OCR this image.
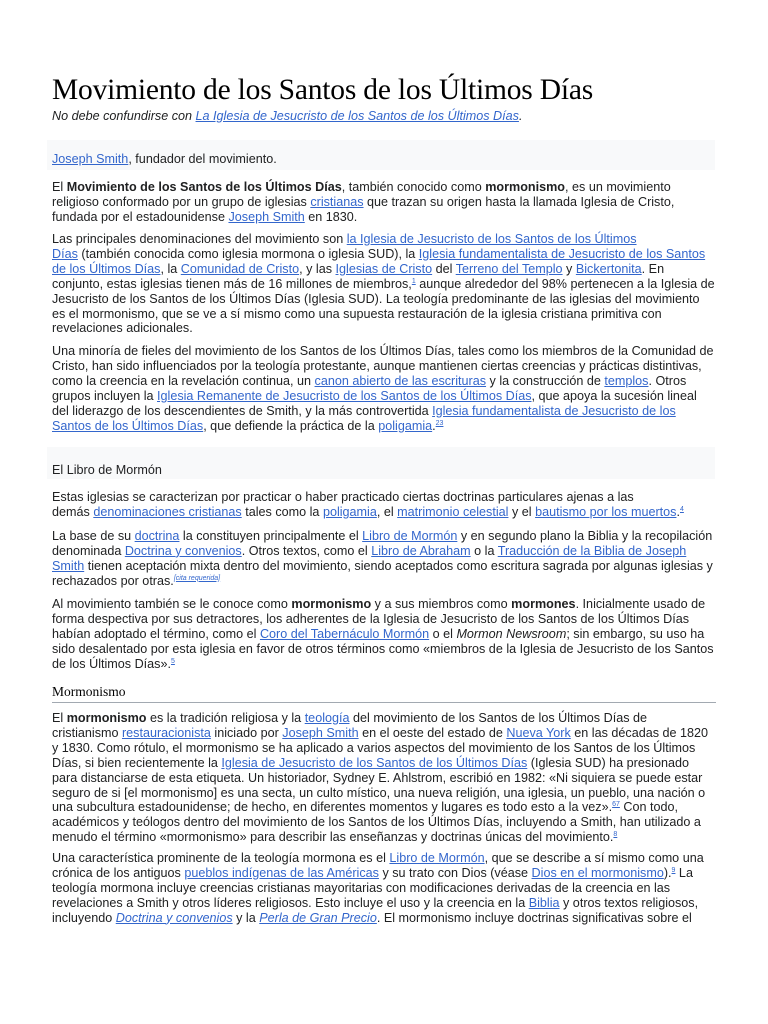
Movimiento de los Santos de los Últimos Días
No debe confundirse con La Iglesia de Jesucristo de los Santos de los Últimos Días.
Joseph Smith, fundador del movimiento.
El Movimiento de los Santos de los Últimos Días, también conocido como mormonismo, es un movimiento
religioso conformado por un grupo de iglesias cristianas que trazan su origen hasta la llamada Iglesia de Cristo,
fundada por el estadounidense Joseph Smith en 1830.
Las principales denominaciones del movimiento son la Iglesia de Jesucristo de los Santos de los Últimos
Días (también conocida como iglesia mormona o iglesia SUD), la Iglesia fundamentalista de Jesucristo de los Santos
de los Últimos Días, la Comunidad de Cristo, y las Iglesias de Cristo del Terreno del Templo y Bickertonita. En
conjunto, estas iglesias tienen más de 16 millones de miembros,$^1$ aunque alrededor del 98% pertenecen a la Iglesia de
Jesucristo de los Santos de los Últimos Días (Iglesia SUD). La teología predominante de las iglesias del movimiento
es el mormonismo, que se ve a sí mismo como una supuesta restauración de la iglesia cristiana primitiva con
revelaciones adicionales.
Una minoría de fieles del movimiento de los Santos de los Últimos Días, tales como los miembros de la Comunidad de
Cristo, han sido influenciados por la teología protestante, aunque mantienen ciertas creencias y prácticas distintivas,
como la creencia en la revelación continua, un canon abierto de las escrituras y la construcción de templos. Otros
grupos incluyen la Iglesia Remanente de Jesucristo de los Santos de los Últimos Días, que apoya la sucesión lineal
del liderazgo de los descendientes de Smith, y la más controvertida Iglesia fundamentalista de Jesucristo de los
Santos de los Últimos Días, que defiende la práctica de la poligamia.$^{23}$
El Libro de Mormón
Estas iglesias se caracterizan por practicar o haber practicado ciertas doctrinas particulares ajenas a las
demás denominaciones cristianas tales como la poligamia, el matrimonio celestial y el bautismo por los muertos.$^4$
La base de su doctrina la constituyen principalmente el Libro de Mormón y en segundo plano la Biblia y la recopilación
denominada Doctrina y convenios. Otros textos, como el Libro de Abraham o la Traducción de la Biblia de Joseph
Smith tienen aceptación mixta dentro del movimiento, siendo aceptados como escritura sagrada por algunas iglesias y
rechazados por otras.[cita requerida]
Al movimiento también se le conoce como mormonismo y a sus miembros como mormones. Inicialmente usado de
forma despectiva por sus detractores, los adherentes de la Iglesia de Jesucristo de los Santos de los Últimos Días
habían adoptado el término, como el Coro del Tabernáculo Mormón o el Mormon Newsroom; sin embargo, su uso ha
sido desalentado por esta iglesia en favor de otros términos como «miembros de la Iglesia de Jesucristo de los Santos
de los Últimos Días».$^5$
Mormonismo
El mormonismo es la tradición religiosa y la teología del movimiento de los Santos de los Últimos Días de
cristianismo restauracionista iniciado por Joseph Smith en el oeste del estado de Nueva York en las décadas de 1820
y 1830. Como rótulo, el mormonismo se ha aplicado a varios aspectos del movimiento de los Santos de los Últimos
Días, si bien recientemente la Iglesia de Jesucristo de los Santos de los Últimos Días (Iglesia SUD) ha presionado
para distanciarse de esta etiqueta. Un historiador, Sydney E. Ahlstrom, escribió en 1982: «Ni siquiera se puede estar
seguro de si [el mormonismo] es una secta, un culto místico, una nueva religión, una iglesia, un pueblo, una nación o
una subcultura estadounidense; de hecho, en diferentes momentos y lugares es todo esto a la vez».$^{67}$ Con todo,
académicos y teólogos dentro del movimiento de los Santos de los Últimos Días, incluyendo a Smith, han utilizado a
menudo el término «mormonismo» para describir las enseñanzas y doctrinas únicas del movimiento.$^8$
Una característica prominente de la teología mormona es el Libro de Mormón, que se describe a sí mismo como una
crónica de los antiguos pueblos indígenas de las Américas y su trato con Dios (véase Dios en el mormonismo).$^9$ La
teología mormona incluye creencias cristianas mayoritarias con modificaciones derivadas de la creencia en las
revelaciones a Smith y otros líderes religiosos. Esto incluye el uso y la creencia en la Biblia y otros textos religiosos,
incluyendo Doctrina y convenios y la Perla de Gran Precio. El mormonismo incluye doctrinas significativas sobre el
